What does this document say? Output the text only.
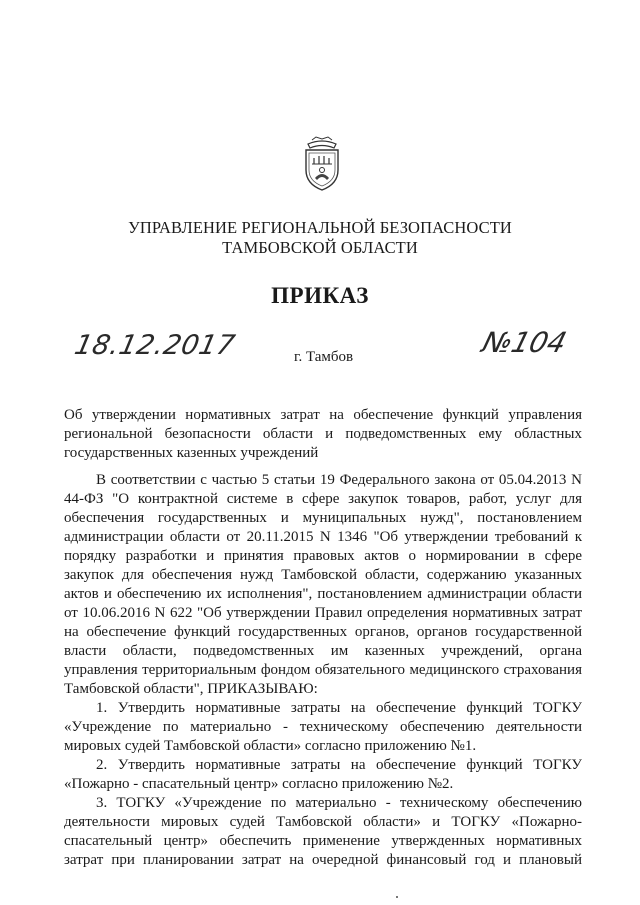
УПРАВЛЕНИЕ РЕГИОНАЛЬНОЙ БЕЗОПАСНОСТИ
ТАМБОВСКОЙ ОБЛАСТИ
ПРИКАЗ
18.12.2017	г. Тамбов	№104
Об утверждении нормативных затрат на обеспечение функций управления региональной безопасности области и подведомственных ему областных государственных казенных учреждений

В соответствии с частью 5 статьи 19 Федерального закона от 05.04.2013 N 44-ФЗ "О контрактной системе в сфере закупок товаров, работ, услуг для обеспечения государственных и муниципальных нужд", постановлением администрации области от 20.11.2015 N 1346 "Об утверждении требований к порядку разработки и принятия правовых актов о нормировании в сфере закупок для обеспечения нужд Тамбовской области, содержанию указанных актов и обеспечению их исполнения", постановлением администрации области от 10.06.2016 N 622 "Об утверждении Правил определения нормативных затрат на обеспечение функций государственных органов, органов государственной власти области, подведомственных им казенных учреждений, органа управления территориальным фондом обязательного медицинского страхования Тамбовской области", ПРИКАЗЫВАЮ:

1. Утвердить нормативные затраты на обеспечение функций ТОГКУ «Учреждение по материально - техническому обеспечению деятельности мировых судей Тамбовской области» согласно приложению №1.

2. Утвердить нормативные затраты на обеспечение функций ТОГКУ «Пожарно - спасательный центр» согласно приложению №2.

3. ТОГКУ «Учреждение по материально - техническому обеспечению деятельности мировых судей Тамбовской области» и ТОГКУ «Пожарно-спасательный центр» обеспечить применение утвержденных нормативных затрат при планировании затрат на очередной финансовый год и плановый
